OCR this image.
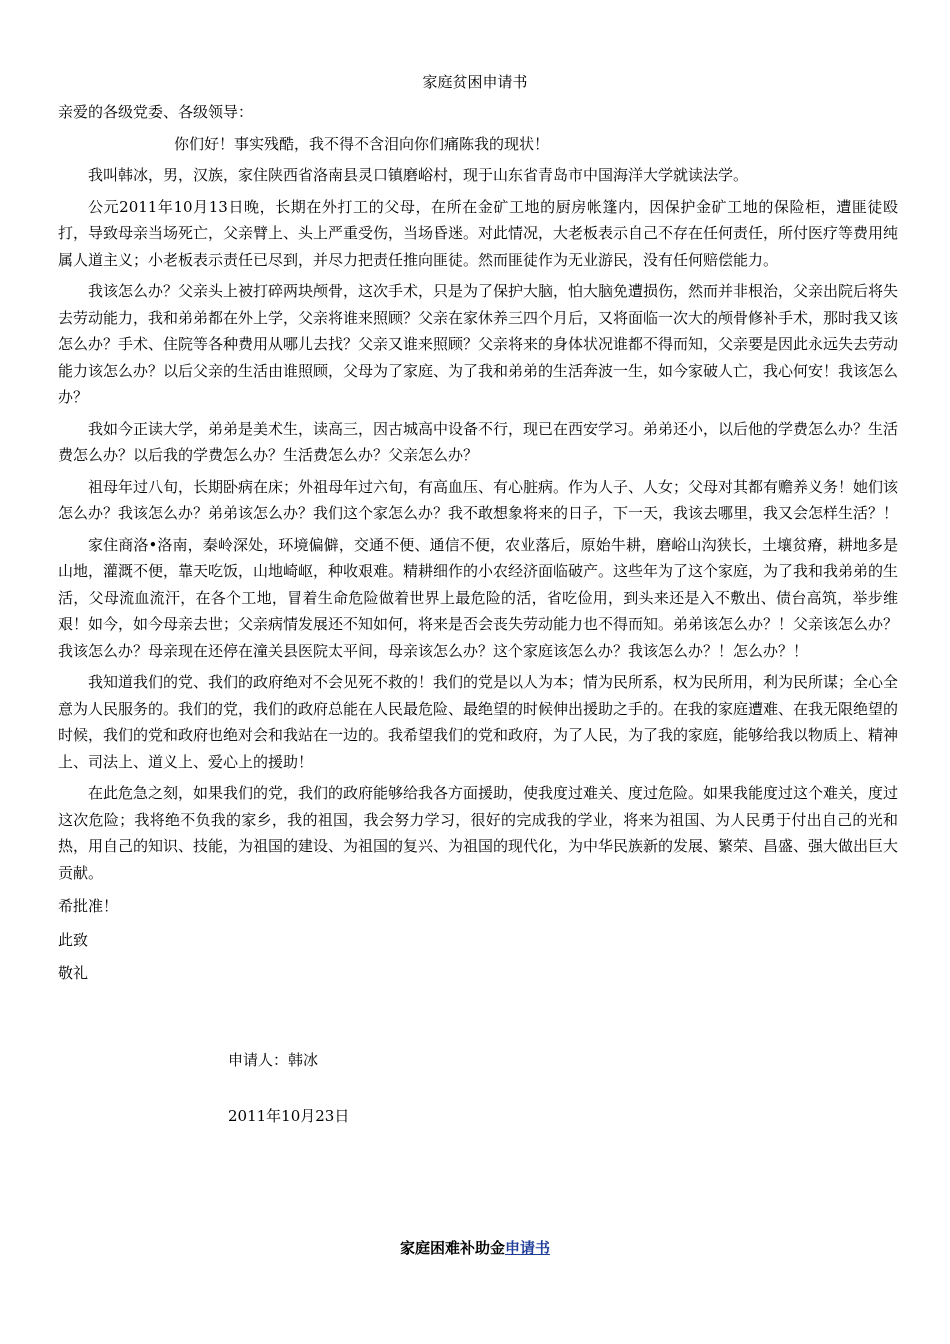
家庭贫困申请书

亲爱的各级党委、各级领导：

你们好！事实残酷，我不得不含泪向你们痛陈我的现状！

我叫韩冰，男，汉族，家住陕西省洛南县灵口镇磨峪村，现于山东省青岛市中国海洋大学就读法学。

公元2011年10月13日晚，长期在外打工的父母，在所在金矿工地的厨房帐篷内，因保护金矿工地的保险柜，遭匪徒殴打，导致母亲当场死亡，父亲臂上、头上严重受伤，当场昏迷。对此情况，大老板表示自己不存在任何责任，所付医疗等费用纯属人道主义；小老板表示责任已尽到，并尽力把责任推向匪徒。然而匪徒作为无业游民，没有任何赔偿能力。

我该怎么办？父亲头上被打碎两块颅骨，这次手术，只是为了保护大脑，怕大脑免遭损伤，然而并非根治，父亲出院后将失去劳动能力，我和弟弟都在外上学，父亲将谁来照顾？父亲在家休养三四个月后，又将面临一次大的颅骨修补手术，那时我又该怎么办？手术、住院等各种费用从哪儿去找？父亲又谁来照顾？父亲将来的身体状况谁都不得而知，父亲要是因此永远失去劳动能力该怎么办？以后父亲的生活由谁照顾，父母为了家庭、为了我和弟弟的生活奔波一生，如今家破人亡，我心何安！我该怎么办？

我如今正读大学，弟弟是美术生，读高三，因古城高中设备不行，现已在西安学习。弟弟还小，以后他的学费怎么办？生活费怎么办？以后我的学费怎么办？生活费怎么办？父亲怎么办？

祖母年过八旬，长期卧病在床；外祖母年过六旬，有高血压、有心脏病。作为人子、人女；父母对其都有赡养义务！她们该怎么办？我该怎么办？弟弟该怎么办？我们这个家怎么办？我不敢想象将来的日子，下一天，我该去哪里，我又会怎样生活？！

家住商洛•洛南，秦岭深处，环境偏僻，交通不便、通信不便，农业落后，原始牛耕，磨峪山沟狭长，土壤贫瘠，耕地多是山地，灌溉不便，靠天吃饭，山地崎岖，种收艰难。精耕细作的小农经济面临破产。这些年为了这个家庭，为了我和我弟弟的生活，父母流血流汗，在各个工地，冒着生命危险做着世界上最危险的活，省吃俭用，到头来还是入不敷出、债台高筑，举步维艰！如今，如今母亲去世；父亲病情发展还不知如何，将来是否会丧失劳动能力也不得而知。弟弟该怎么办？！父亲该怎么办？我该怎么办？母亲现在还停在潼关县医院太平间，母亲该怎么办？这个家庭该怎么办？我该怎么办？！怎么办？！

我知道我们的党、我们的政府绝对不会见死不救的！我们的党是以人为本；情为民所系，权为民所用，利为民所谋；全心全意为人民服务的。我们的党，我们的政府总能在人民最危险、最绝望的时候伸出援助之手的。在我的家庭遭难、在我无限绝望的时候，我们的党和政府也绝对会和我站在一边的。我希望我们的党和政府，为了人民，为了我的家庭，能够给我以物质上、精神上、司法上、道义上、爱心上的援助！

在此危急之刻，如果我们的党，我们的政府能够给我各方面援助，使我度过难关、度过危险。如果我能度过这个难关，度过这次危险；我将绝不负我的家乡，我的祖国，我会努力学习，很好的完成我的学业，将来为祖国、为人民勇于付出自己的光和热，用自己的知识、技能，为祖国的建设、为祖国的复兴、为祖国的现代化，为中华民族新的发展、繁荣、昌盛、强大做出巨大贡献。

希批准！

此致

敬礼

申请人：韩冰
2011年10月23日
家庭困难补助金申请书
